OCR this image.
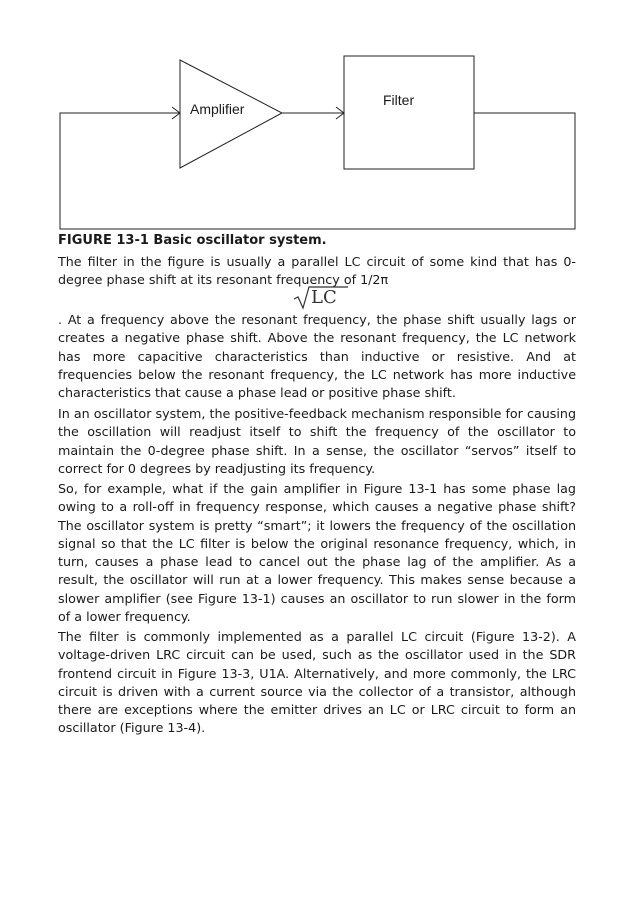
Amplifier
Filter
FIGURE 13-1 Basic oscillator system.

The filter in the figure is usually a parallel LC circuit of some kind that has 0-degree phase shift at its resonant frequency of 1/2π

LC

. At a frequency above the resonant frequency, the phase shift usually lags or creates a negative phase shift. Above the resonant frequency, the LC network has more capacitive characteristics than inductive or resistive. And at frequencies below the resonant frequency, the LC network has more inductive characteristics that cause a phase lead or positive phase shift.

In an oscillator system, the positive-feedback mechanism responsible for causing the oscillation will readjust itself to shift the frequency of the oscillator to maintain the 0-degree phase shift. In a sense, the oscillator “servos” itself to correct for 0 degrees by readjusting its frequency.

So, for example, what if the gain amplifier in Figure 13-1 has some phase lag owing to a roll-off in frequency response, which causes a negative phase shift? The oscillator system is pretty “smart”; it lowers the frequency of the oscillation signal so that the LC filter is below the original resonance frequency, which, in turn, causes a phase lead to cancel out the phase lag of the amplifier. As a result, the oscillator will run at a lower frequency. This makes sense because a slower amplifier (see Figure 13-1) causes an oscillator to run slower in the form of a lower frequency.

The filter is commonly implemented as a parallel LC circuit (Figure 13-2). A voltage-driven LRC circuit can be used, such as the oscillator used in the SDR frontend circuit in Figure 13-3, U1A. Alternatively, and more commonly, the LRC circuit is driven with a current source via the collector of a transistor, although there are exceptions where the emitter drives an LC or LRC circuit to form an oscillator (Figure 13-4).
